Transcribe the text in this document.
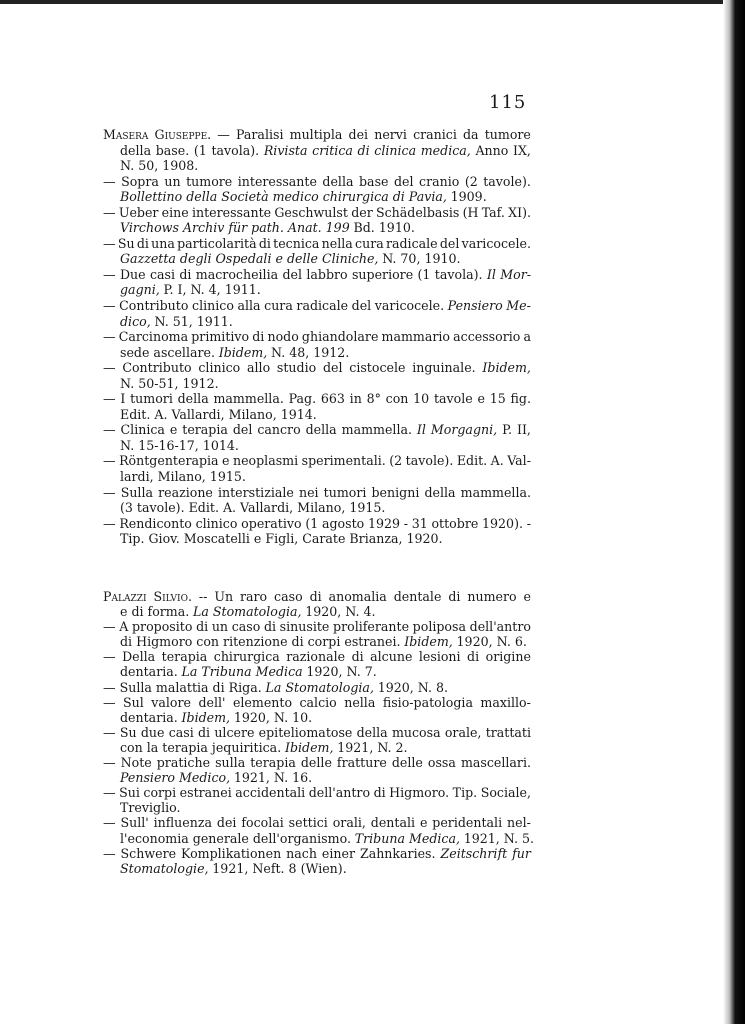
115
Masera Giuseppe. — Paralisi multipla dei nervi cranici da tumore
della base. (1 tavola). Rivista critica di clinica medica, Anno IX,
N. 50, 1908.
— Sopra un tumore interessante della base del cranio (2 tavole).
Bollettino della Società medico chirurgica di Pavia, 1909.
— Ueber eine interessante Geschwulst der Schädelbasis (H Taf. XI).
Virchows Archiv für path. Anat. 199 Bd. 1910.
— Su di una particolarità di tecnica nella cura radicale del varicocele.
Gazzetta degli Ospedali e delle Cliniche, N. 70, 1910.
— Due casi di macrocheilia del labbro superiore (1 tavola). Il Mor-
gagni, P. I, N. 4, 1911.
— Contributo clinico alla cura radicale del varicocele. Pensiero Me-
dico, N. 51, 1911.
— Carcinoma primitivo di nodo ghiandolare mammario accessorio a
sede ascellare. Ibidem, N. 48, 1912.
— Contributo clinico allo studio del cistocele inguinale. Ibidem,
N. 50-51, 1912.
— I tumori della mammella. Pag. 663 in 8° con 10 tavole e 15 fig.
Edit. A. Vallardi, Milano, 1914.
— Clinica e terapia del cancro della mammella. Il Morgagni, P. II,
N. 15-16-17, 1014.
— Röntgenterapia e neoplasmi sperimentali. (2 tavole). Edit. A. Val-
lardi, Milano, 1915.
— Sulla reazione interstiziale nei tumori benigni della mammella.
(3 tavole). Edit. A. Vallardi, Milano, 1915.
— Rendiconto clinico operativo (1 agosto 1929 - 31 ottobre 1920). -
Tip. Giov. Moscatelli e Figli, Carate Brianza, 1920.
Palazzi Silvio. -- Un raro caso di anomalia dentale di numero e
e di forma. La Stomatologia, 1920, N. 4.
— A proposito di un caso di sinusite proliferante poliposa dell'antro
di Higmoro con ritenzione di corpi estranei. Ibidem, 1920, N. 6.
— Della terapia chirurgica razionale di alcune lesioni di origine
dentaria. La Tribuna Medica 1920, N. 7.
— Sulla malattia di Riga. La Stomatologia, 1920, N. 8.
— Sul valore dell' elemento calcio nella fisio-patologia maxillo-
dentaria. Ibidem, 1920, N. 10.
— Su due casi di ulcere epiteliomatose della mucosa orale, trattati
con la terapia jequiritica. Ibidem, 1921, N. 2.
— Note pratiche sulla terapia delle fratture delle ossa mascellari.
Pensiero Medico, 1921, N. 16.
— Sui corpi estranei accidentali dell'antro di Higmoro. Tip. Sociale,
Treviglio.
— Sull' influenza dei focolai settici orali, dentali e peridentali nel-
l'economia generale dell'organismo. Tribuna Medica, 1921, N. 5.
— Schwere Komplikationen nach einer Zahnkaries. Zeitschrift fur
Stomatologie, 1921, Neft. 8 (Wien).
